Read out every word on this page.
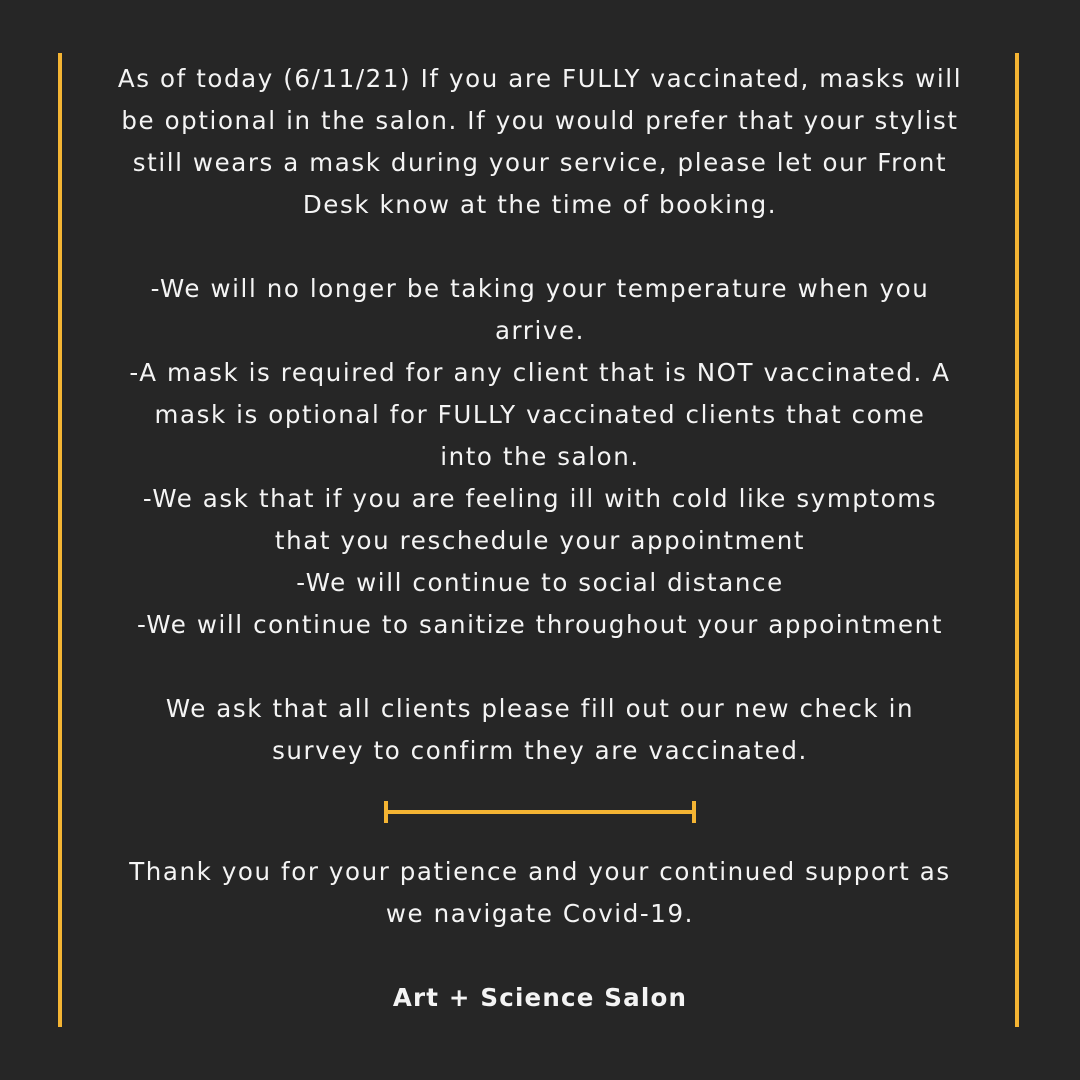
As of today (6/11/21) If you are FULLY vaccinated, masks will
be optional in the salon. If you would prefer that your stylist
still wears a mask during your service, please let our Front
Desk know at the time of booking.

-We will no longer be taking your temperature when you
arrive.
-A mask is required for any client that is NOT vaccinated. A
mask is optional for FULLY vaccinated clients that come
into the salon.
-We ask that if you are feeling ill with cold like symptoms
that you reschedule your appointment
-We will continue to social distance
-We will continue to sanitize throughout your appointment

We ask that all clients please fill out our new check in
survey to confirm they are vaccinated.

Thank you for your patience and your continued support as
we navigate Covid-19.

Art + Science Salon
